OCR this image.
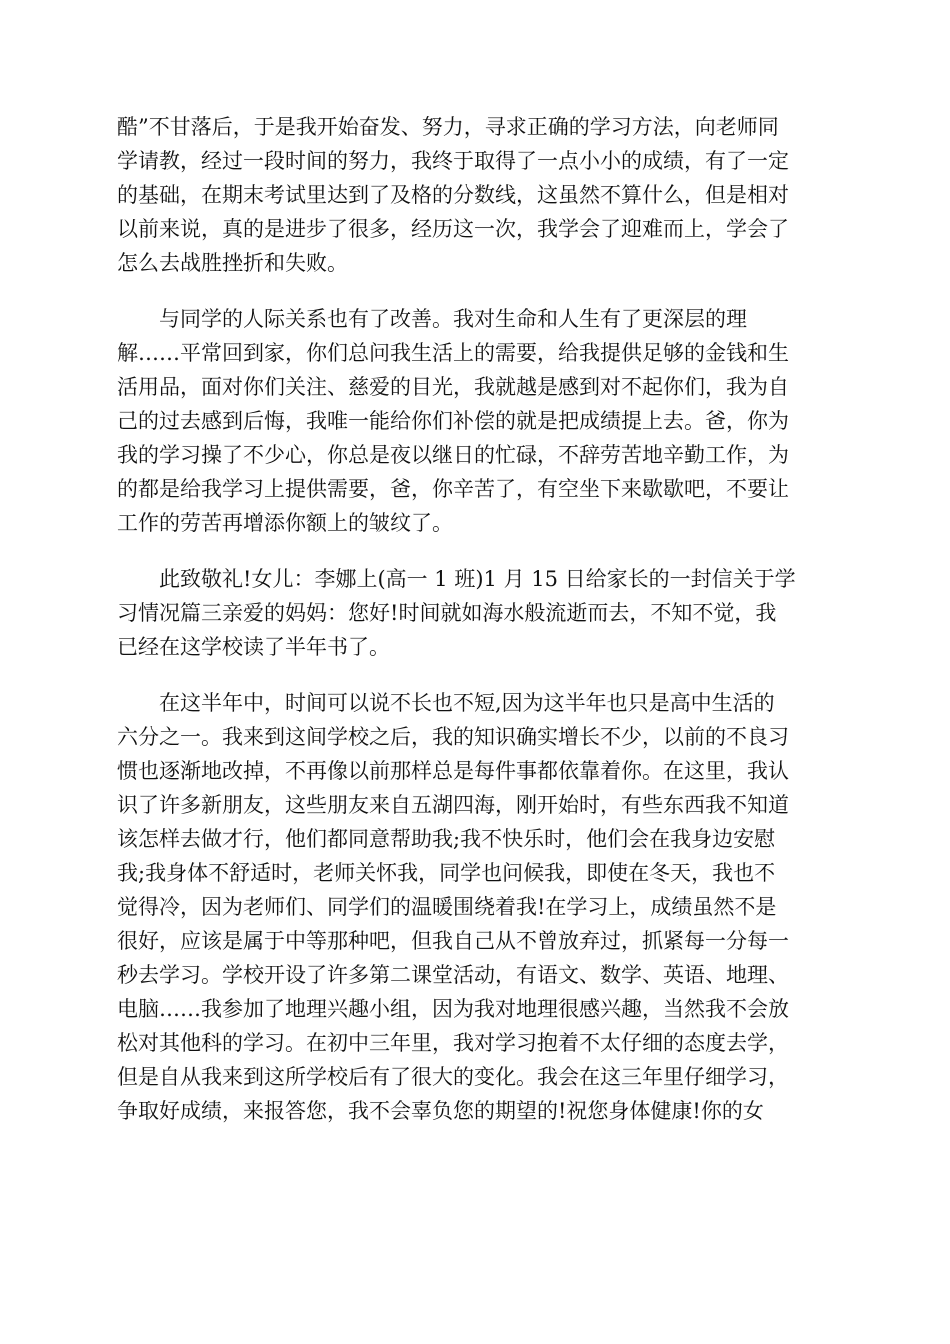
酷”不甘落后，于是我开始奋发、努力，寻求正确的学习方法，向老师同
学请教，经过一段时间的努力，我终于取得了一点小小的成绩，有了一定
的基础，在期末考试里达到了及格的分数线，这虽然不算什么，但是相对
以前来说，真的是进步了很多，经历这一次，我学会了迎难而上，学会了
怎么去战胜挫折和失败。
与同学的人际关系也有了改善。我对生命和人生有了更深层的理
解……平常回到家，你们总问我生活上的需要，给我提供足够的金钱和生
活用品，面对你们关注、慈爱的目光，我就越是感到对不起你们，我为自
己的过去感到后悔，我唯一能给你们补偿的就是把成绩提上去。爸，你为
我的学习操了不少心，你总是夜以继日的忙碌，不辞劳苦地辛勤工作，为
的都是给我学习上提供需要，爸，你辛苦了，有空坐下来歇歇吧，不要让
工作的劳苦再增添你额上的皱纹了。
此致敬礼!女儿：李娜上(高一 1 班)1 月 15 日给家长的一封信关于学
习情况篇三亲爱的妈妈：您好!时间就如海水般流逝而去，不知不觉，我
已经在这学校读了半年书了。
在这半年中，时间可以说不长也不短,因为这半年也只是高中生活的
六分之一。我来到这间学校之后，我的知识确实增长不少，以前的不良习
惯也逐渐地改掉，不再像以前那样总是每件事都依靠着你。在这里，我认
识了许多新朋友，这些朋友来自五湖四海，刚开始时，有些东西我不知道
该怎样去做才行，他们都同意帮助我;我不快乐时，他们会在我身边安慰
我;我身体不舒适时，老师关怀我，同学也问候我，即使在冬天，我也不
觉得冷，因为老师们、同学们的温暖围绕着我!在学习上，成绩虽然不是
很好，应该是属于中等那种吧，但我自己从不曾放弃过，抓紧每一分每一
秒去学习。学校开设了许多第二课堂活动，有语文、数学、英语、地理、
电脑……我参加了地理兴趣小组，因为我对地理很感兴趣，当然我不会放
松对其他科的学习。在初中三年里，我对学习抱着不太仔细的态度去学，
但是自从我来到这所学校后有了很大的变化。我会在这三年里仔细学习，
争取好成绩，来报答您，我不会辜负您的期望的!祝您身体健康!你的女
